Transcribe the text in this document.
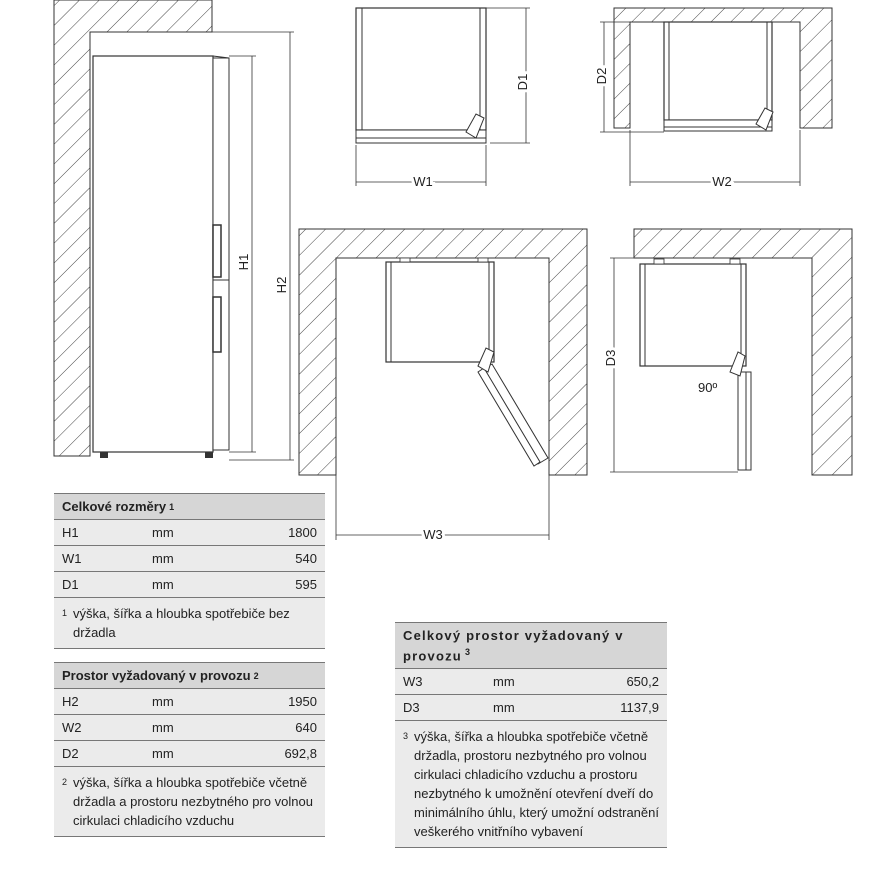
H1
H2
W1
D1
W2
D2
W3
D3
90º
Celkové rozměry 1
H1	mm	1800
W1	mm	540
D1	mm	595
1 výška, šířka a hloubka spotřebiče bez držadla
Prostor vyžadovaný v provozu 2
H2	mm	1950
W2	mm	640
D2	mm	692,8
2 výška, šířka a hloubka spotřebiče včetně držadla a prostoru nezbytného pro volnou cirkulaci chladicího vzduchu
Celkový prostor vyžadovaný v provozu $^3$
W3	mm	650,2
D3	mm	1137,9
3 výška, šířka a hloubka spotřebiče včetně držadla, prostoru nezbytného pro volnou cirkulaci chladicího vzduchu a prostoru nezbytného k umožnění otevření dveří do minimálního úhlu, který umožní odstranění veškerého vnitřního vybavení
